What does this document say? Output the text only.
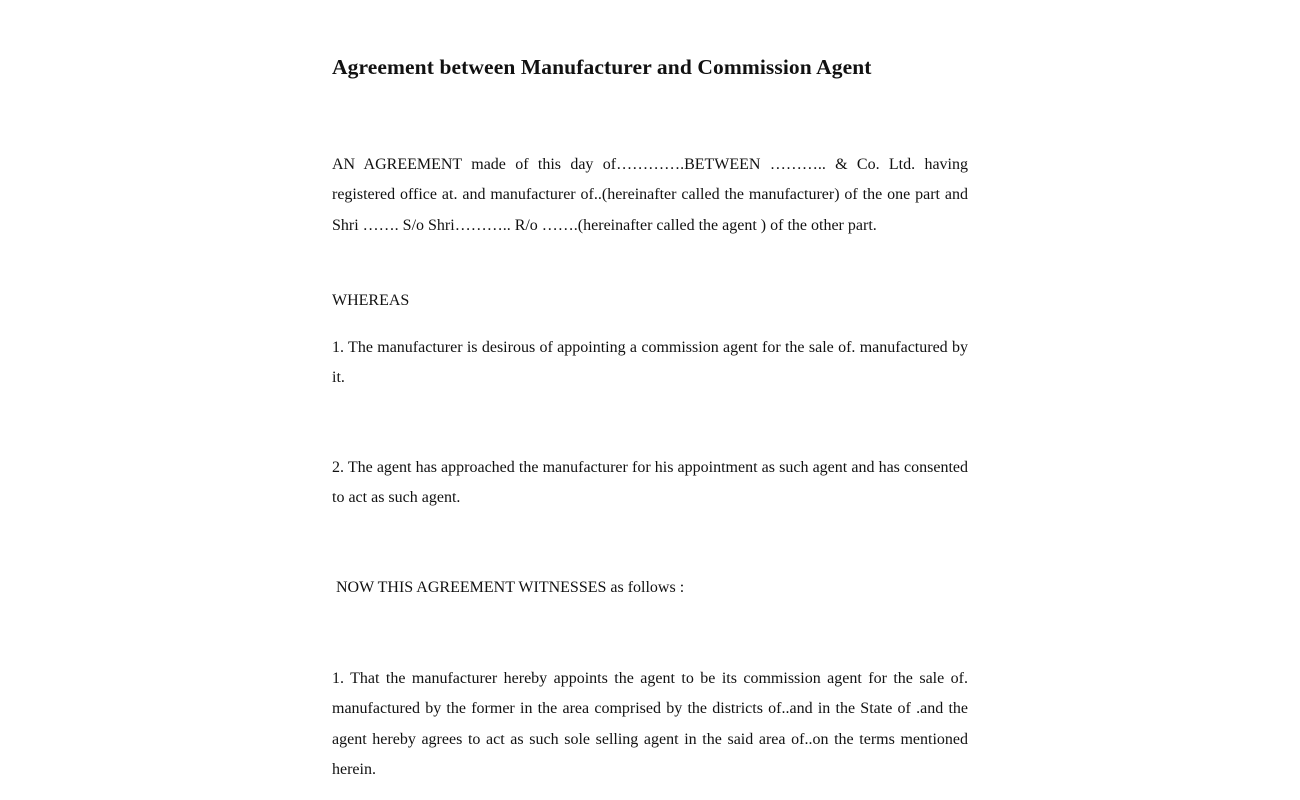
Agreement between Manufacturer and Commission Agent

AN AGREEMENT made of this day of………….BETWEEN ……….. & Co. Ltd. having registered office at. and manufacturer of..(hereinafter called the manufacturer) of the one part and Shri ……. S/o Shri……….. R/o …….(hereinafter called the agent ) of the other part.

WHEREAS

1. The manufacturer is desirous of appointing a commission agent for the sale of. manufactured by it.

2. The agent has approached the manufacturer for his appointment as such agent and has consented to act as such agent.

NOW THIS AGREEMENT WITNESSES as follows :

1. That the manufacturer hereby appoints the agent to be its commission agent for the sale of. manufactured by the former in the area comprised by the districts of..and in the State of .and the agent hereby agrees to act as such sole selling agent in the said area of..on the terms mentioned herein.
